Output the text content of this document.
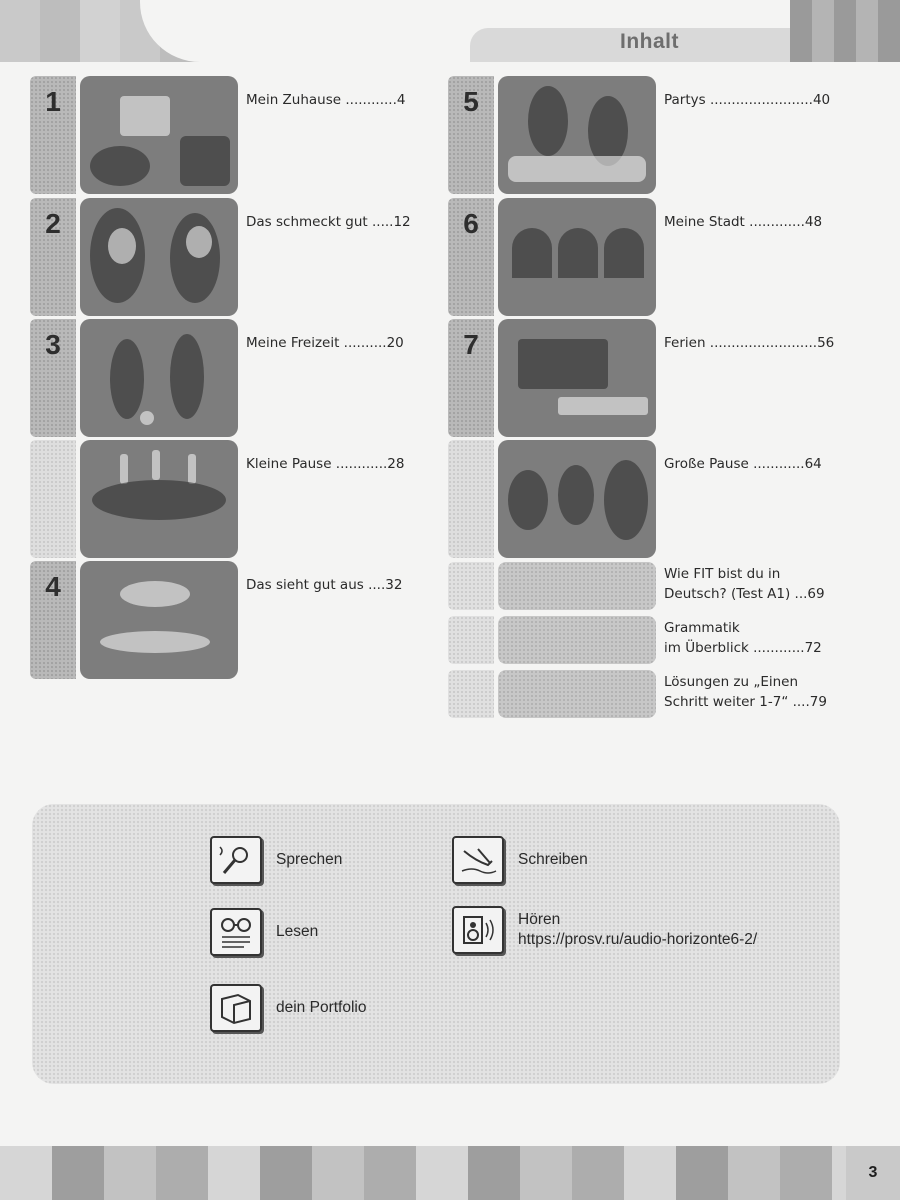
Inhalt
1	Mein Zuhause ............4
2	Das schmeckt gut .....12
3	Meine Freizeit ..........20
Kleine Pause ............28
4	Das sieht gut aus ....32
5	Partys ........................40
6	Meine Stadt .............48
7	Ferien .........................56
Große Pause ............64
Wie FIT bist du in
Deutsch? (Test A1) ...69
Grammatik
im Überblick ............72
Lösungen zu „Einen
Schritt weiter 1-7“ ....79
Sprechen	Schreiben
Lesen
Hören
https://prosv.ru/audio-horizonte6-2/
dein Portfolio
3
